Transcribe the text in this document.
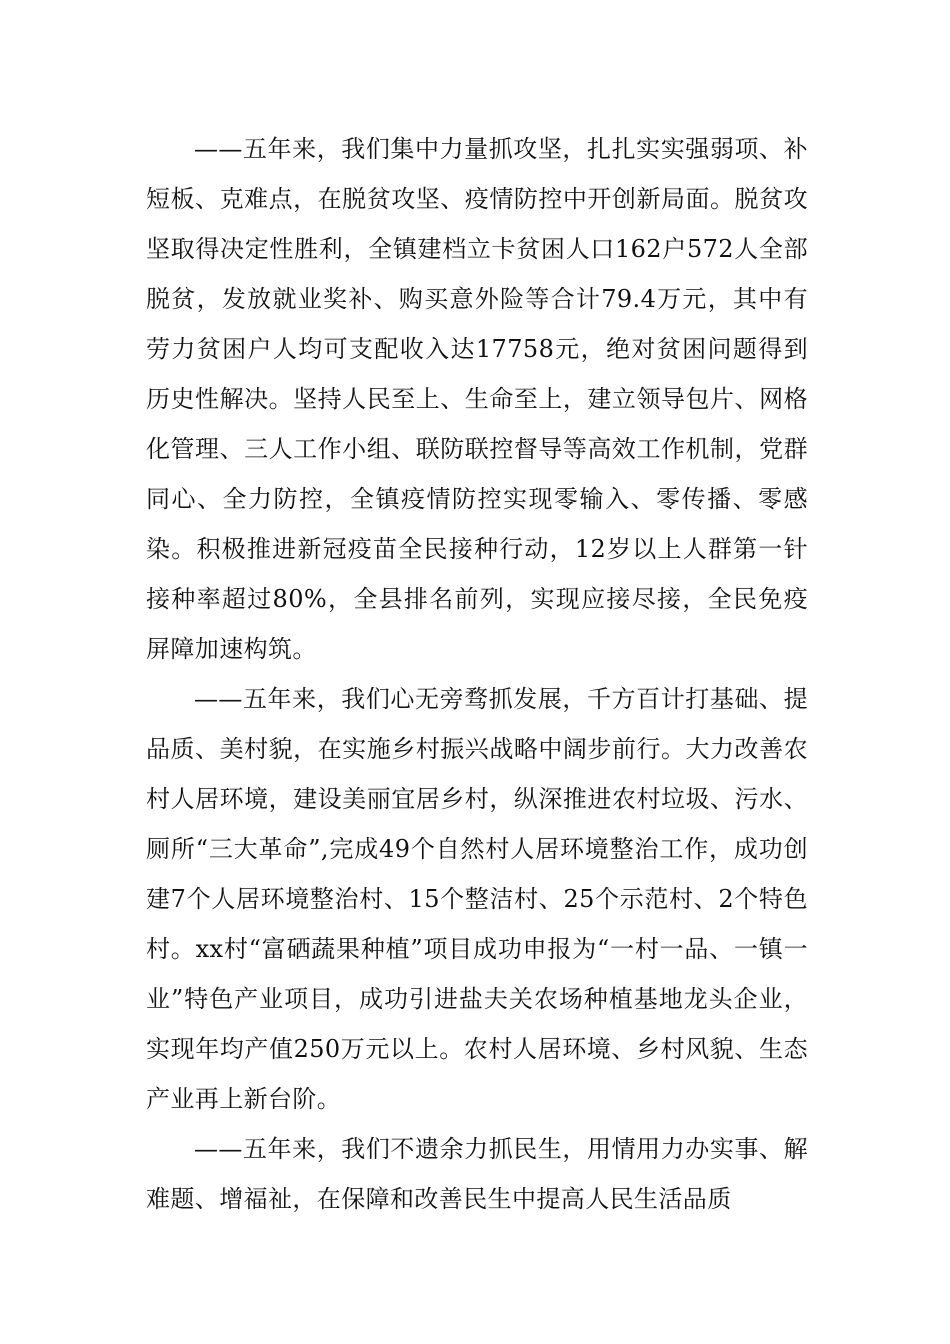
——五年来，我们集中力量抓攻坚，扎扎实实强弱项、补短板、克难点，在脱贫攻坚、疫情防控中开创新局面。脱贫攻坚取得决定性胜利，全镇建档立卡贫困人口162户572人全部脱贫，发放就业奖补、购买意外险等合计79.4万元，其中有劳力贫困户人均可支配收入达17758元，绝对贫困问题得到历史性解决。坚持人民至上、生命至上，建立领导包片、网格化管理、三人工作小组、联防联控督导等高效工作机制，党群同心、全力防控，全镇疫情防控实现零输入、零传播、零感染。积极推进新冠疫苗全民接种行动，12岁以上人群第一针接种率超过80%，全县排名前列，实现应接尽接，全民免疫屏障加速构筑。

——五年来，我们心无旁骛抓发展，千方百计打基础、提品质、美村貌，在实施乡村振兴战略中阔步前行。大力改善农村人居环境，建设美丽宜居乡村，纵深推进农村垃圾、污水、厕所“三大革命”,完成49个自然村人居环境整治工作，成功创建7个人居环境整治村、15个整洁村、25个示范村、2个特色村。xx村“富硒蔬果种植”项目成功申报为“一村一品、一镇一业”特色产业项目，成功引进盐夫关农场种植基地龙头企业，实现年均产值250万元以上。农村人居环境、乡村风貌、生态产业再上新台阶。

——五年来，我们不遗余力抓民生，用情用力办实事、解难题、增福祉，在保障和改善民生中提高人民生活品质
